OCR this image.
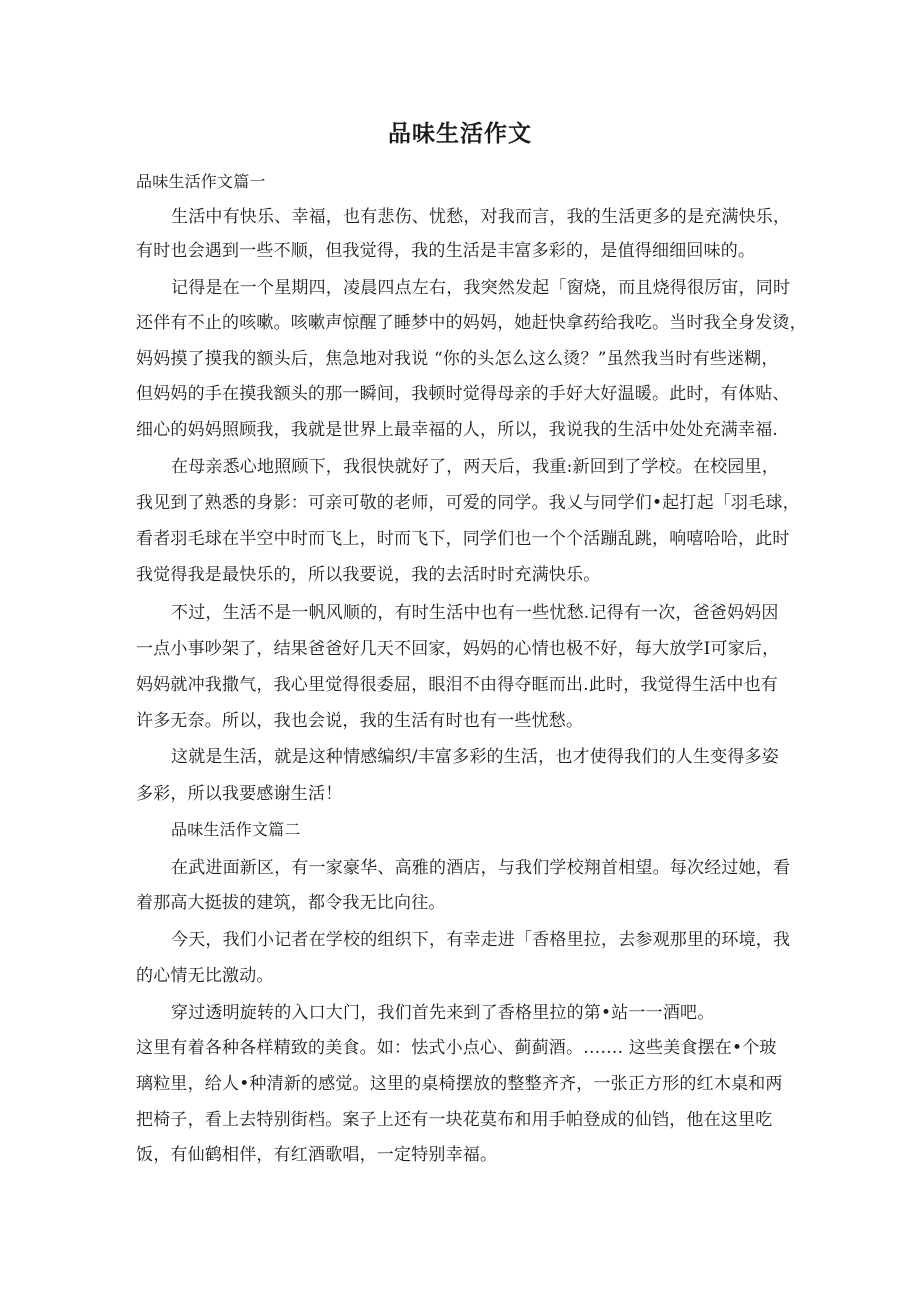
品味生活作文
品味生活作文篇一
生活中有快乐、幸福，也有悲伤、忧愁，对我而言，我的生活更多的是充满快乐，
有时也会遇到一些不顺，但我觉得，我的生活是丰富多彩的，是值得细细回味的。
记得是在一个星期四，凌晨四点左右，我突然发起「窗烧，而且烧得很厉宙，同时
还伴有不止的咳嗽。咳嗽声惊醒了睡梦中的妈妈，她赶快拿药给我吃。当时我全身发烫，
妈妈摸了摸我的额头后，焦急地对我说 “你的头怎么这么烫？”虽然我当时有些迷糊，
但妈妈的手在摸我额头的那一瞬间，我顿时觉得母亲的手好大好温暖。此时，有体贴、
细心的妈妈照顾我，我就是世界上最幸福的人，所以，我说我的生活中处处充满幸福.
在母亲悉心地照顾下，我很快就好了，两天后，我重:新回到了学校。在校园里，
我见到了熟悉的身影：可亲可敬的老师，可爱的同学。我乂与同学们•起打起「羽毛球，
看者羽毛球在半空中时而飞上，时而飞下，同学们也一个个活蹦乱跳，响嘻哈哈，此时
我觉得我是最快乐的，所以我要说，我的去活时时充满快乐。
不过，生活不是一帆风顺的，有时生活中也有一些忧愁.记得有一次，爸爸妈妈因
一点小事吵架了，结果爸爸好几天不回家，妈妈的心情也极不好，每大放学I可家后，
妈妈就冲我撒气，我心里觉得很委屈，眼泪不由得夺眶而出.此时，我觉得生活中也有
许多无奈。所以，我也会说，我的生活有时也有一些忧愁。
这就是生活，就是这种情感编织/丰富多彩的生活，也才使得我们的人生变得多姿
多彩，所以我要感谢生活！
品味生活作文篇二
在武进面新区，有一家豪华、高雅的酒店，与我们学校翔首相望。每次经过她，看
着那高大挺拔的建筑，都令我无比向往。
今天，我们小记者在学校的组织下，有幸走进「香格里拉，去参观那里的环境，我
的心情无比激动。
穿过透明旋转的入口大门，我们首先来到了香格里拉的第•站一一酒吧。
这里有着各种各样精致的美食。如：怯式小点心、蓟蓟酒。……. 这些美食摆在•个玻
璃粒里，给人•种清新的感觉。这里的桌椅摆放的整整齐齐，一张正方形的红木桌和两
把椅子，看上去特别街档。案子上还有一块花莫布和用手帕登成的仙铛，他在这里吃
饭，有仙鹤相伴，有红酒歌唱，一定特别幸福。
